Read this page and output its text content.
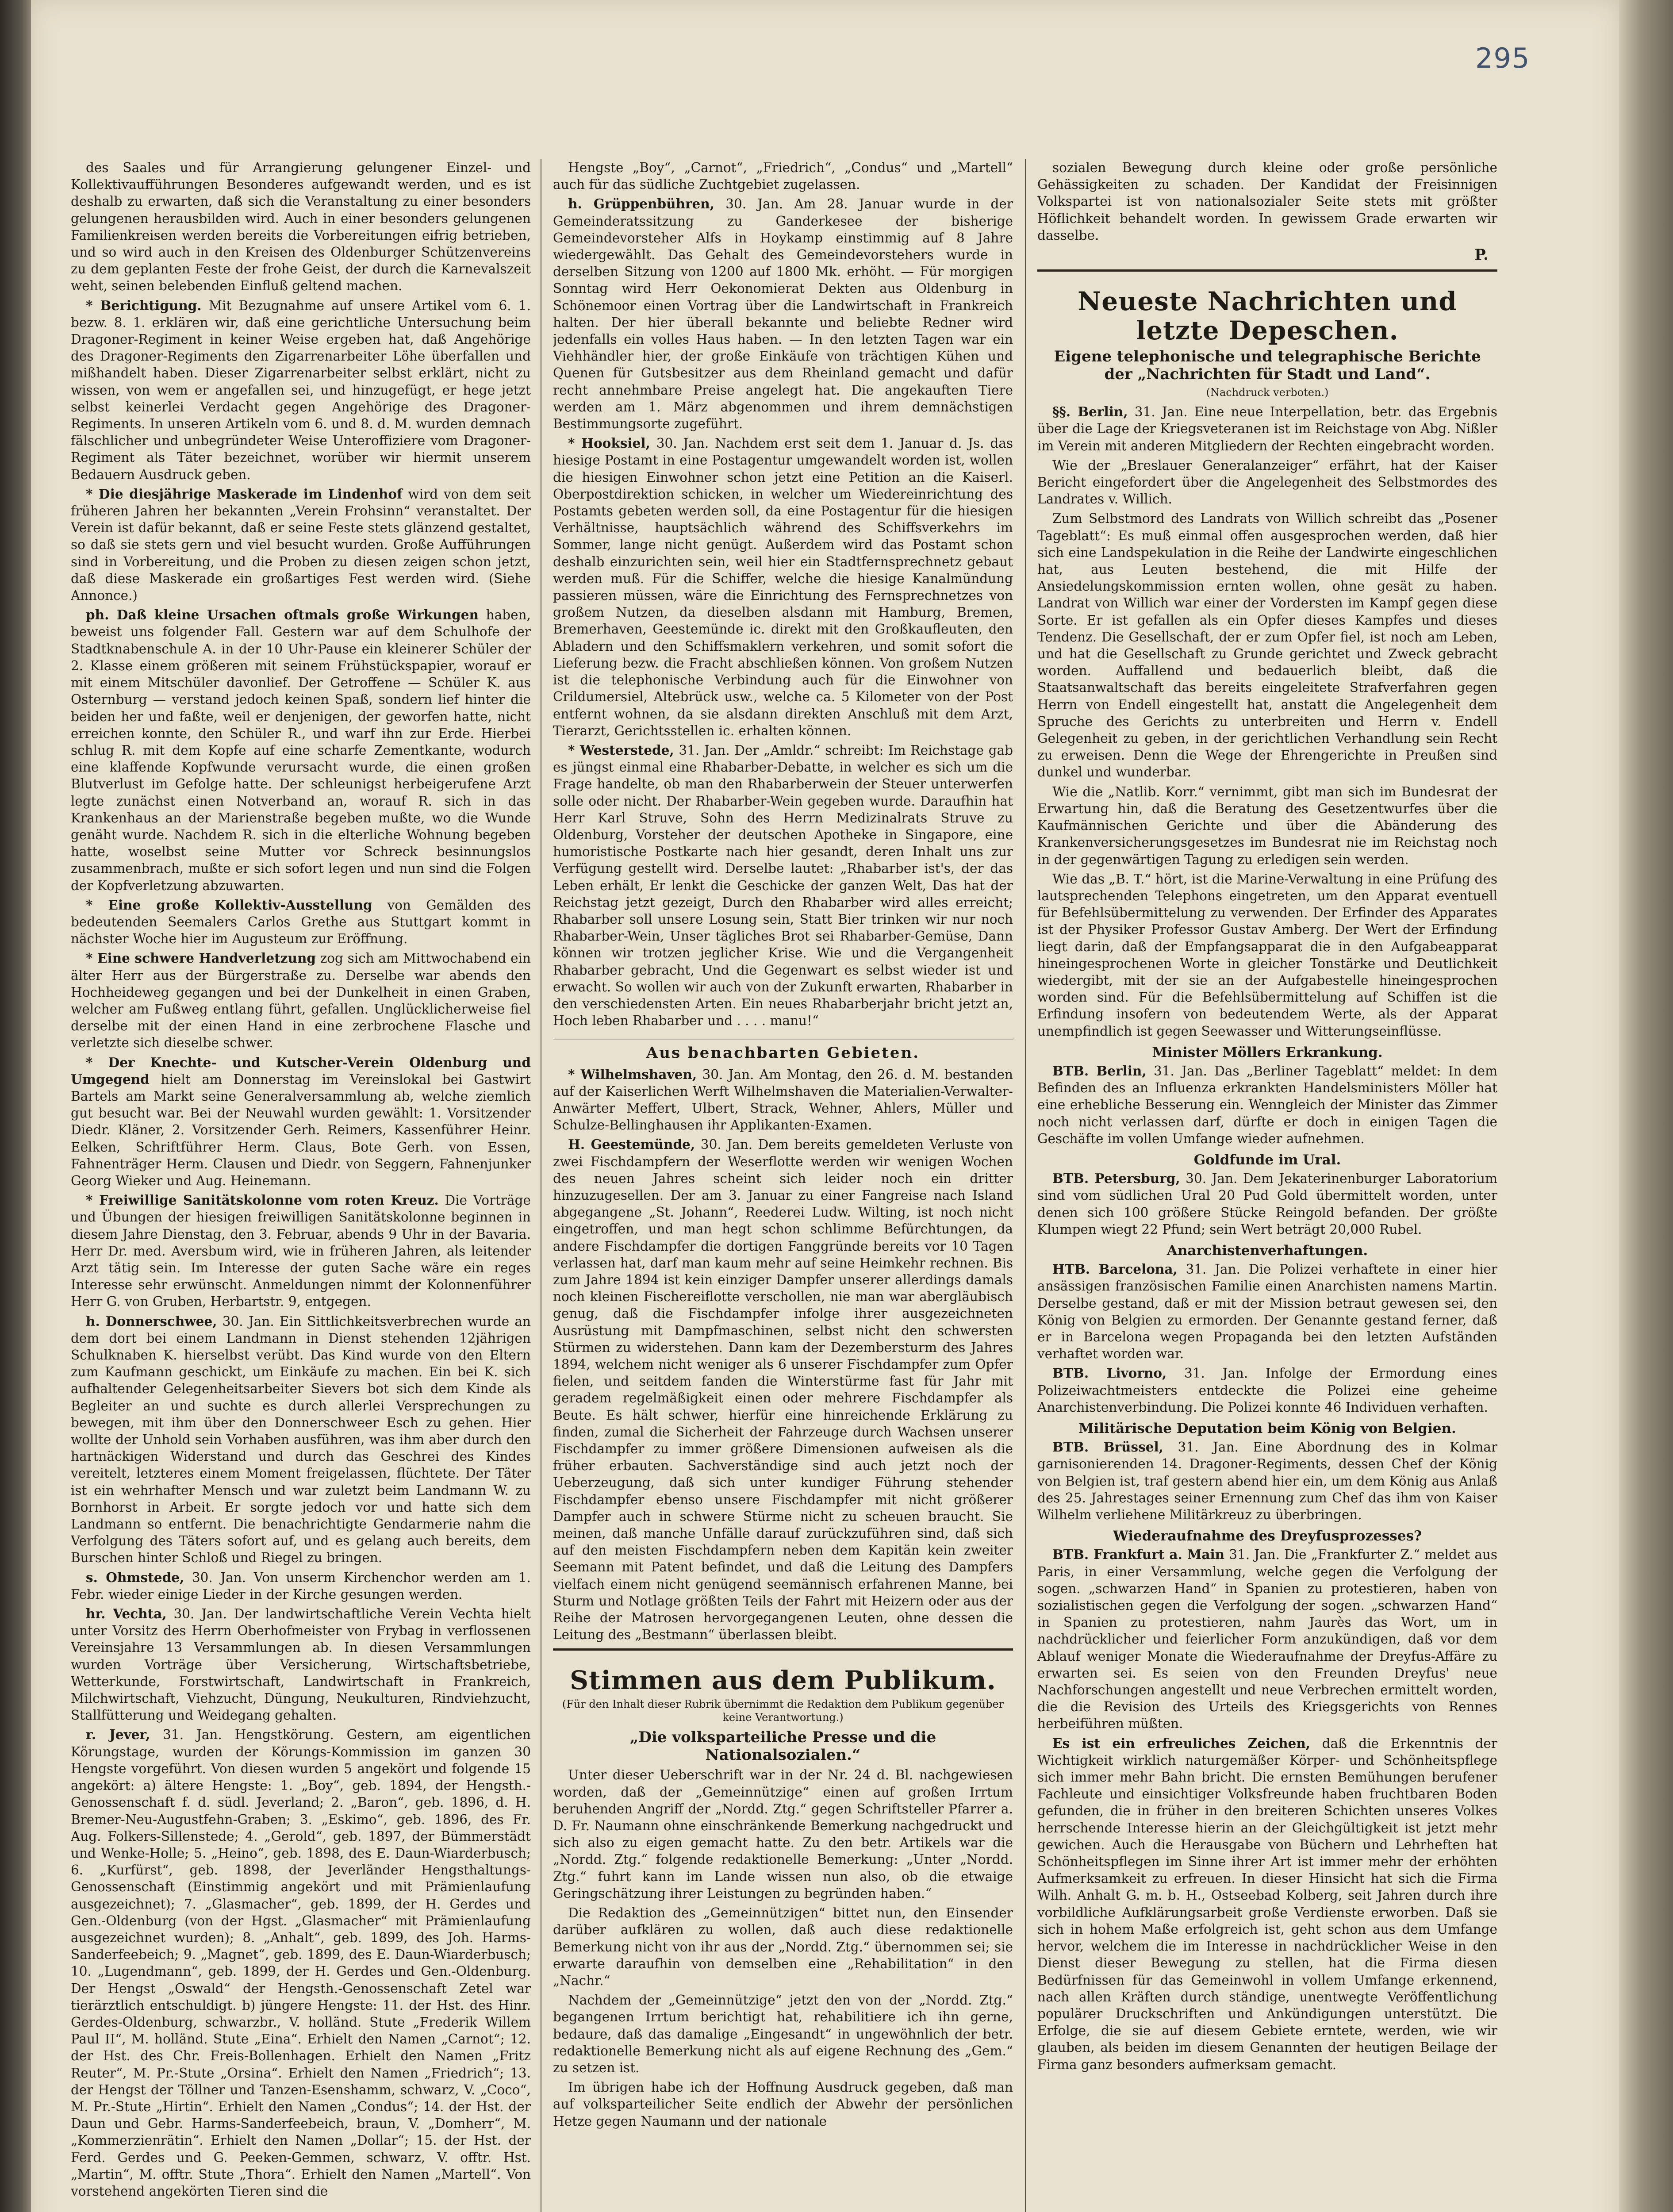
295

des Saales und für Arrangierung gelungener Einzel- und Kollektivaufführungen Besonderes aufgewandt werden, und es ist deshalb zu erwarten, daß sich die Veranstaltung zu einer besonders gelungenen herausbilden wird. Auch in einer besonders gelungenen Familienkreisen werden bereits die Vorbereitungen eifrig betrieben, und so wird auch in den Kreisen des Oldenburger Schützenvereins zu dem geplanten Feste der frohe Geist, der durch die Karnevalszeit weht, seinen belebenden Einfluß geltend machen.

* Berichtigung. Mit Bezugnahme auf unsere Artikel vom 6. 1. bezw. 8. 1. erklären wir, daß eine gerichtliche Untersuchung beim Dragoner-Regiment in keiner Weise ergeben hat, daß Angehörige des Dragoner-Regiments den Zigarrenarbeiter Löhe überfallen und mißhandelt haben. Dieser Zigarrenarbeiter selbst erklärt, nicht zu wissen, von wem er angefallen sei, und hinzugefügt, er hege jetzt selbst keinerlei Verdacht gegen Angehörige des Dragoner-Regiments. In unseren Artikeln vom 6. und 8. d. M. wurden demnach fälschlicher und unbegründeter Weise Unteroffiziere vom Dragoner-Regiment als Täter bezeichnet, worüber wir hiermit unserem Bedauern Ausdruck geben.

* Die diesjährige Maskerade im Lindenhof wird von dem seit früheren Jahren her bekannten „Verein Frohsinn“ veranstaltet. Der Verein ist dafür bekannt, daß er seine Feste stets glänzend gestaltet, so daß sie stets gern und viel besucht wurden. Große Aufführungen sind in Vorbereitung, und die Proben zu diesen zeigen schon jetzt, daß diese Maskerade ein großartiges Fest werden wird. (Siehe Annonce.)

ph. Daß kleine Ursachen oftmals große Wirkungen haben, beweist uns folgender Fall. Gestern war auf dem Schulhofe der Stadtknabenschule A. in der 10 Uhr-Pause ein kleinerer Schüler der 2. Klasse einem größeren mit seinem Frühstückspapier, worauf er mit einem Mitschüler davonlief. Der Getroffene — Schüler K. aus Osternburg — verstand jedoch keinen Spaß, sondern lief hinter die beiden her und faßte, weil er denjenigen, der geworfen hatte, nicht erreichen konnte, den Schüler R., und warf ihn zur Erde. Hierbei schlug R. mit dem Kopfe auf eine scharfe Zementkante, wodurch eine klaffende Kopfwunde verursacht wurde, die einen großen Blutverlust im Gefolge hatte. Der schleunigst herbeigerufene Arzt legte zunächst einen Notverband an, worauf R. sich in das Krankenhaus an der Marienstraße begeben mußte, wo die Wunde genäht wurde. Nachdem R. sich in die elterliche Wohnung begeben hatte, woselbst seine Mutter vor Schreck besinnungslos zusammenbrach, mußte er sich sofort legen und nun sind die Folgen der Kopfverletzung abzuwarten.

* Eine große Kollektiv-Ausstellung von Gemälden des bedeutenden Seemalers Carlos Grethe aus Stuttgart kommt in nächster Woche hier im Augusteum zur Eröffnung.

* Eine schwere Handverletzung zog sich am Mittwochabend ein älter Herr aus der Bürgerstraße zu. Derselbe war abends den Hochheideweg gegangen und bei der Dunkelheit in einen Graben, welcher am Fußweg entlang führt, gefallen. Unglücklicherweise fiel derselbe mit der einen Hand in eine zerbrochene Flasche und verletzte sich dieselbe schwer.

* Der Knechte- und Kutscher-Verein Oldenburg und Umgegend hielt am Donnerstag im Vereinslokal bei Gastwirt Bartels am Markt seine Generalversammlung ab, welche ziemlich gut besucht war. Bei der Neuwahl wurden gewählt: 1. Vorsitzender Diedr. Kläner, 2. Vorsitzender Gerh. Reimers, Kassenführer Heinr. Eelken, Schriftführer Herm. Claus, Bote Gerh. von Essen, Fahnenträger Herm. Clausen und Diedr. von Seggern, Fahnenjunker Georg Wieker und Aug. Heinemann.

* Freiwillige Sanitätskolonne vom roten Kreuz. Die Vorträge und Übungen der hiesigen freiwilligen Sanitätskolonne beginnen in diesem Jahre Dienstag, den 3. Februar, abends 9 Uhr in der Bavaria. Herr Dr. med. Aversbum wird, wie in früheren Jahren, als leitender Arzt tätig sein. Im Interesse der guten Sache wäre ein reges Interesse sehr erwünscht. Anmeldungen nimmt der Kolonnenführer Herr G. von Gruben, Herbartstr. 9, entgegen.

h. Donnerschwee, 30. Jan. Ein Sittlichkeitsverbrechen wurde an dem dort bei einem Landmann in Dienst stehenden 12jährigen Schulknaben K. hierselbst verübt. Das Kind wurde von den Eltern zum Kaufmann geschickt, um Einkäufe zu machen. Ein bei K. sich aufhaltender Gelegenheitsarbeiter Sievers bot sich dem Kinde als Begleiter an und suchte es durch allerlei Versprechungen zu bewegen, mit ihm über den Donnerschweer Esch zu gehen. Hier wollte der Unhold sein Vorhaben ausführen, was ihm aber durch den hartnäckigen Widerstand und durch das Geschrei des Kindes vereitelt, letzteres einem Moment freigelassen, flüchtete. Der Täter ist ein wehrhafter Mensch und war zuletzt beim Landmann W. zu Bornhorst in Arbeit. Er sorgte jedoch vor und hatte sich dem Landmann so entfernt. Die benachrichtigte Gendarmerie nahm die Verfolgung des Täters sofort auf, und es gelang auch bereits, dem Burschen hinter Schloß und Riegel zu bringen.

s. Ohmstede, 30. Jan. Von unserm Kirchenchor werden am 1. Febr. wieder einige Lieder in der Kirche gesungen werden.

hr. Vechta, 30. Jan. Der landwirtschaftliche Verein Vechta hielt unter Vorsitz des Herrn Oberhofmeister von Frybag in verflossenen Vereinsjahre 13 Versammlungen ab. In diesen Versammlungen wurden Vorträge über Versicherung, Wirtschaftsbetriebe, Wetterkunde, Forstwirtschaft, Landwirtschaft in Frankreich, Milchwirtschaft, Viehzucht, Düngung, Neukulturen, Rindviehzucht, Stallfütterung und Weidegang gehalten.

r. Jever, 31. Jan. Hengstkörung. Gestern, am eigentlichen Körungstage, wurden der Körungs-Kommission im ganzen 30 Hengste vorgeführt. Von diesen wurden 5 angekört und folgende 15 angekört: a) ältere Hengste: 1. „Boy“, geb. 1894, der Hengsth.-Genossenschaft f. d. südl. Jeverland; 2. „Baron“, geb. 1896, d. H. Bremer-Neu-Augustfehn-Graben; 3. „Eskimo“, geb. 1896, des Fr. Aug. Folkers-Sillenstede; 4. „Gerold“, geb. 1897, der Bümmerstädt und Wenke-Holle; 5. „Heino“, geb. 1898, des E. Daun-Wiarderbusch; 6. „Kurfürst“, geb. 1898, der Jeverländer Hengsthaltungs-Genossenschaft (Einstimmig angekört und mit Prämienlaufung ausgezeichnet); 7. „Glasmacher“, geb. 1899, der H. Gerdes und Gen.-Oldenburg (von der Hgst. „Glasmacher“ mit Prämienlaufung ausgezeichnet wurden); 8. „Anhalt“, geb. 1899, des Joh. Harms-Sanderfeebeich; 9. „Magnet“, geb. 1899, des E. Daun-Wiarderbusch; 10. „Lugendmann“, geb. 1899, der H. Gerdes und Gen.-Oldenburg. Der Hengst „Oswald“ der Hengsth.-Genossenschaft Zetel war tierärztlich entschuldigt. b) jüngere Hengste: 11. der Hst. des Hinr. Gerdes-Oldenburg, schwarzbr., V. holländ. Stute „Frederik Willem Paul II“, M. holländ. Stute „Eina“. Erhielt den Namen „Carnot“; 12. der Hst. des Chr. Freis-Bollenhagen. Erhielt den Namen „Fritz Reuter“, M. Pr.-Stute „Orsina“. Erhielt den Namen „Friedrich“; 13. der Hengst der Töllner und Tanzen-Esenshamm, schwarz, V. „Coco“, M. Pr.-Stute „Hirtin“. Erhielt den Namen „Condus“; 14. der Hst. der Daun und Gebr. Harms-Sanderfeebeich, braun, V. „Domherr“, M. „Kommerzienrätin“. Erhielt den Namen „Dollar“; 15. der Hst. der Ferd. Gerdes und G. Peeken-Gemmen, schwarz, V. offtr. Hst. „Martin“, M. offtr. Stute „Thora“. Erhielt den Namen „Martell“. Von vorstehend angekörten Tieren sind die

Hengste „Boy“, „Carnot“, „Friedrich“, „Condus“ und „Martell“ auch für das südliche Zuchtgebiet zugelassen.

h. Grüppenbühren, 30. Jan. Am 28. Januar wurde in der Gemeinderatssitzung zu Ganderkesee der bisherige Gemeindevorsteher Alfs in Hoykamp einstimmig auf 8 Jahre wiedergewählt. Das Gehalt des Gemeindevorstehers wurde in derselben Sitzung von 1200 auf 1800 Mk. erhöht. — Für morgigen Sonntag wird Herr Oekonomierat Dekten aus Oldenburg in Schönemoor einen Vortrag über die Landwirtschaft in Frankreich halten. Der hier überall bekannte und beliebte Redner wird jedenfalls ein volles Haus haben. — In den letzten Tagen war ein Viehhändler hier, der große Einkäufe von trächtigen Kühen und Quenen für Gutsbesitzer aus dem Rheinland gemacht und dafür recht annehmbare Preise angelegt hat. Die angekauften Tiere werden am 1. März abgenommen und ihrem demnächstigen Bestimmungsorte zugeführt.

* Hooksiel, 30. Jan. Nachdem erst seit dem 1. Januar d. Js. das hiesige Postamt in eine Postagentur umgewandelt worden ist, wollen die hiesigen Einwohner schon jetzt eine Petition an die Kaiserl. Oberpostdirektion schicken, in welcher um Wiedereinrichtung des Postamts gebeten werden soll, da eine Postagentur für die hiesigen Verhältnisse, hauptsächlich während des Schiffsverkehrs im Sommer, lange nicht genügt. Außerdem wird das Postamt schon deshalb einzurichten sein, weil hier ein Stadtfernsprechnetz gebaut werden muß. Für die Schiffer, welche die hiesige Kanalmündung passieren müssen, wäre die Einrichtung des Fernsprechnetzes von großem Nutzen, da dieselben alsdann mit Hamburg, Bremen, Bremerhaven, Geestemünde ic. direkt mit den Großkaufleuten, den Abladern und den Schiffsmaklern verkehren, und somit sofort die Lieferung bezw. die Fracht abschließen können. Von großem Nutzen ist die telephonische Verbindung auch für die Einwohner von Crildumersiel, Altebrück usw., welche ca. 5 Kilometer von der Post entfernt wohnen, da sie alsdann direkten Anschluß mit dem Arzt, Tierarzt, Gerichtsstellen ic. erhalten können.

* Westerstede, 31. Jan. Der „Amldr.“ schreibt: Im Reichstage gab es jüngst einmal eine Rhabarber-Debatte, in welcher es sich um die Frage handelte, ob man den Rhabarberwein der Steuer unterwerfen solle oder nicht. Der Rhabarber-Wein gegeben wurde. Daraufhin hat Herr Karl Struve, Sohn des Herrn Medizinalrats Struve zu Oldenburg, Vorsteher der deutschen Apotheke in Singapore, eine humoristische Postkarte nach hier gesandt, deren Inhalt uns zur Verfügung gestellt wird. Derselbe lautet: „Rhabarber ist's, der das Leben erhält, Er lenkt die Geschicke der ganzen Welt, Das hat der Reichstag jetzt gezeigt, Durch den Rhabarber wird alles erreicht; Rhabarber soll unsere Losung sein, Statt Bier trinken wir nur noch Rhabarber-Wein, Unser tägliches Brot sei Rhabarber-Gemüse, Dann können wir trotzen jeglicher Krise. Wie und die Vergangenheit Rhabarber gebracht, Und die Gegenwart es selbst wieder ist und erwacht. So wollen wir auch von der Zukunft erwarten, Rhabarber in den verschiedensten Arten. Ein neues Rhabarberjahr bricht jetzt an, Hoch leben Rhabarber und . . . . manu!“

Aus benachbarten Gebieten.

* Wilhelmshaven, 30. Jan. Am Montag, den 26. d. M. bestanden auf der Kaiserlichen Werft Wilhelmshaven die Materialien-Verwalter-Anwärter Meffert, Ulbert, Strack, Wehner, Ahlers, Müller und Schulze-Bellinghausen ihr Applikanten-Examen.

H. Geestemünde, 30. Jan. Dem bereits gemeldeten Verluste von zwei Fischdampfern der Weserflotte werden wir wenigen Wochen des neuen Jahres scheint sich leider noch ein dritter hinzuzugesellen. Der am 3. Januar zu einer Fangreise nach Island abgegangene „St. Johann“, Reederei Ludw. Wilting, ist noch nicht eingetroffen, und man hegt schon schlimme Befürchtungen, da andere Fischdampfer die dortigen Fanggründe bereits vor 10 Tagen verlassen hat, darf man kaum mehr auf seine Heimkehr rechnen. Bis zum Jahre 1894 ist kein einziger Dampfer unserer allerdings damals noch kleinen Fischereiflotte verschollen, nie man war abergläubisch genug, daß die Fischdampfer infolge ihrer ausgezeichneten Ausrüstung mit Dampfmaschinen, selbst nicht den schwersten Stürmen zu widerstehen. Dann kam der Dezembersturm des Jahres 1894, welchem nicht weniger als 6 unserer Fischdampfer zum Opfer fielen, und seitdem fanden die Winterstürme fast für Jahr mit geradem regelmäßigkeit einen oder mehrere Fischdampfer als Beute. Es hält schwer, hierfür eine hinreichende Erklärung zu finden, zumal die Sicherheit der Fahrzeuge durch Wachsen unserer Fischdampfer zu immer größere Dimensionen aufweisen als die früher erbauten. Sachverständige sind auch jetzt noch der Ueberzeugung, daß sich unter kundiger Führung stehender Fischdampfer ebenso unsere Fischdampfer mit nicht größerer Dampfer auch in schwere Stürme nicht zu scheuen braucht. Sie meinen, daß manche Unfälle darauf zurückzuführen sind, daß sich auf den meisten Fischdampfern neben dem Kapitän kein zweiter Seemann mit Patent befindet, und daß die Leitung des Dampfers vielfach einem nicht genügend seemännisch erfahrenen Manne, bei Sturm und Notlage größten Teils der Fahrt mit Heizern oder aus der Reihe der Matrosen hervorgegangenen Leuten, ohne dessen die Leitung des „Bestmann“ überlassen bleibt.

Stimmen aus dem Publikum.
(Für den Inhalt dieser Rubrik übernimmt die Redaktion dem Publikum gegenüber keine Verantwortung.)
„Die volksparteiliche Presse und die Nationalsozialen.“

Unter dieser Ueberschrift war in der Nr. 24 d. Bl. nachgewiesen worden, daß der „Gemeinnützige“ einen auf großen Irrtum beruhenden Angriff der „Nordd. Ztg.“ gegen Schriftsteller Pfarrer a. D. Fr. Naumann ohne einschränkende Bemerkung nachgedruckt und sich also zu eigen gemacht hatte. Zu den betr. Artikels war die „Nordd. Ztg.“ folgende redaktionelle Bemerkung: „Unter „Nordd. Ztg.“ fuhrt kann im Lande wissen nun also, ob die etwaige Geringschätzung ihrer Leistungen zu begründen haben.“

Die Redaktion des „Gemeinnützigen“ bittet nun, den Einsender darüber aufklären zu wollen, daß auch diese redaktionelle Bemerkung nicht von ihr aus der „Nordd. Ztg.“ übernommen sei; sie erwarte daraufhin von demselben eine „Rehabilitation“ in den „Nachr.“

Nachdem der „Gemeinnützige“ jetzt den von der „Nordd. Ztg.“ begangenen Irrtum berichtigt hat, rehabilitiere ich ihn gerne, bedaure, daß das damalige „Eingesandt“ in ungewöhnlich der betr. redaktionelle Bemerkung nicht als auf eigene Rechnung des „Gem.“ zu setzen ist.

Im übrigen habe ich der Hoffnung Ausdruck gegeben, daß man auf volksparteilicher Seite endlich der Abwehr der persönlichen Hetze gegen Naumann und der nationale

sozialen Bewegung durch kleine oder große persönliche Gehässigkeiten zu schaden. Der Kandidat der Freisinnigen Volkspartei ist von nationalsozialer Seite stets mit größter Höflichkeit behandelt worden. In gewissem Grade erwarten wir dasselbe.

P.
Neueste Nachrichten und letzte Depeschen.
Eigene telephonische und telegraphische Berichte der „Nachrichten für Stadt und Land“.
(Nachdruck verboten.)

§§. Berlin, 31. Jan. Eine neue Interpellation, betr. das Ergebnis über die Lage der Kriegsveteranen ist im Reichstage von Abg. Nißler im Verein mit anderen Mitgliedern der Rechten eingebracht worden.

Wie der „Breslauer Generalanzeiger“ erfährt, hat der Kaiser Bericht eingefordert über die Angelegenheit des Selbstmordes des Landrates v. Willich.

Zum Selbstmord des Landrats von Willich schreibt das „Posener Tageblatt“: Es muß einmal offen ausgesprochen werden, daß hier sich eine Landspekulation in die Reihe der Landwirte eingeschlichen hat, aus Leuten bestehend, die mit Hilfe der Ansiedelungskommission ernten wollen, ohne gesät zu haben. Landrat von Willich war einer der Vordersten im Kampf gegen diese Sorte. Er ist gefallen als ein Opfer dieses Kampfes und dieses Tendenz. Die Gesellschaft, der er zum Opfer fiel, ist noch am Leben, und hat die Gesellschaft zu Grunde gerichtet und Zweck gebracht worden. Auffallend und bedauerlich bleibt, daß die Staatsanwaltschaft das bereits eingeleitete Strafverfahren gegen Herrn von Endell eingestellt hat, anstatt die Angelegenheit dem Spruche des Gerichts zu unterbreiten und Herrn v. Endell Gelegenheit zu geben, in der gerichtlichen Verhandlung sein Recht zu erweisen. Denn die Wege der Ehrengerichte in Preußen sind dunkel und wunderbar.

Wie die „Natlib. Korr.“ vernimmt, gibt man sich im Bundesrat der Erwartung hin, daß die Beratung des Gesetzentwurfes über die Kaufmännischen Gerichte und über die Abänderung des Krankenversicherungsgesetzes im Bundesrat nie im Reichstag noch in der gegenwärtigen Tagung zu erledigen sein werden.

Wie das „B. T.“ hört, ist die Marine-Verwaltung in eine Prüfung des lautsprechenden Telephons eingetreten, um den Apparat eventuell für Befehlsübermittelung zu verwenden. Der Erfinder des Apparates ist der Physiker Professor Gustav Amberg. Der Wert der Erfindung liegt darin, daß der Empfangsapparat die in den Aufgabeapparat hineingesprochenen Worte in gleicher Tonstärke und Deutlichkeit wiedergibt, mit der sie an der Aufgabestelle hineingesprochen worden sind. Für die Befehlsübermittelung auf Schiffen ist die Erfindung insofern von bedeutendem Werte, als der Apparat unempfindlich ist gegen Seewasser und Witterungseinflüsse.

Minister Möllers Erkrankung.

BTB. Berlin, 31. Jan. Das „Berliner Tageblatt“ meldet: In dem Befinden des an Influenza erkrankten Handelsministers Möller hat eine erhebliche Besserung ein. Wenngleich der Minister das Zimmer noch nicht verlassen darf, dürfte er doch in einigen Tagen die Geschäfte im vollen Umfange wieder aufnehmen.

Goldfunde im Ural.

BTB. Petersburg, 30. Jan. Dem Jekaterinenburger Laboratorium sind vom südlichen Ural 20 Pud Gold übermittelt worden, unter denen sich 100 größere Stücke Reingold befanden. Der größte Klumpen wiegt 22 Pfund; sein Wert beträgt 20,000 Rubel.

Anarchistenverhaftungen.

HTB. Barcelona, 31. Jan. Die Polizei verhaftete in einer hier ansässigen französischen Familie einen Anarchisten namens Martin. Derselbe gestand, daß er mit der Mission betraut gewesen sei, den König von Belgien zu ermorden. Der Genannte gestand ferner, daß er in Barcelona wegen Propaganda bei den letzten Aufständen verhaftet worden war.

BTB. Livorno, 31. Jan. Infolge der Ermordung eines Polizeiwachtmeisters entdeckte die Polizei eine geheime Anarchistenverbindung. Die Polizei konnte 46 Individuen verhaften.

Militärische Deputation beim König von Belgien.

BTB. Brüssel, 31. Jan. Eine Abordnung des in Kolmar garnisonierenden 14. Dragoner-Regiments, dessen Chef der König von Belgien ist, traf gestern abend hier ein, um dem König aus Anlaß des 25. Jahrestages seiner Ernennung zum Chef das ihm von Kaiser Wilhelm verliehene Militärkreuz zu überbringen.

Wiederaufnahme des Dreyfusprozesses?

BTB. Frankfurt a. Main 31. Jan. Die „Frankfurter Z.“ meldet aus Paris, in einer Versammlung, welche gegen die Verfolgung der sogen. „schwarzen Hand“ in Spanien zu protestieren, haben von sozialistischen gegen die Verfolgung der sogen. „schwarzen Hand“ in Spanien zu protestieren, nahm Jaurès das Wort, um in nachdrücklicher und feierlicher Form anzukündigen, daß vor dem Ablauf weniger Monate die Wiederaufnahme der Dreyfus-Affäre zu erwarten sei. Es seien von den Freunden Dreyfus' neue Nachforschungen angestellt und neue Verbrechen ermittelt worden, die die Revision des Urteils des Kriegsgerichts von Rennes herbeiführen müßten.

Es ist ein erfreuliches Zeichen, daß die Erkenntnis der Wichtigkeit wirklich naturgemäßer Körper- und Schönheitspflege sich immer mehr Bahn bricht. Die ernsten Bemühungen berufener Fachleute und einsichtiger Volksfreunde haben fruchtbaren Boden gefunden, die in früher in den breiteren Schichten unseres Volkes herrschende Interesse hierin an der Gleichgültigkeit ist jetzt mehr gewichen. Auch die Herausgabe von Büchern und Lehrheften hat Schönheitspflegen im Sinne ihrer Art ist immer mehr der erhöhten Aufmerksamkeit zu erfreuen. In dieser Hinsicht hat sich die Firma Wilh. Anhalt G. m. b. H., Ostseebad Kolberg, seit Jahren durch ihre vorbildliche Aufklärungsarbeit große Verdienste erworben. Daß sie sich in hohem Maße erfolgreich ist, geht schon aus dem Umfange hervor, welchem die im Interesse in nachdrücklicher Weise in den Dienst dieser Bewegung zu stellen, hat die Firma diesen Bedürfnissen für das Gemeinwohl in vollem Umfange erkennend, nach allen Kräften durch ständige, unentwegte Veröffentlichung populärer Druckschriften und Ankündigungen unterstützt. Die Erfolge, die sie auf diesem Gebiete erntete, werden, wie wir glauben, als beiden im diesem Genannten der heutigen Beilage der Firma ganz besonders aufmerksam gemacht.
